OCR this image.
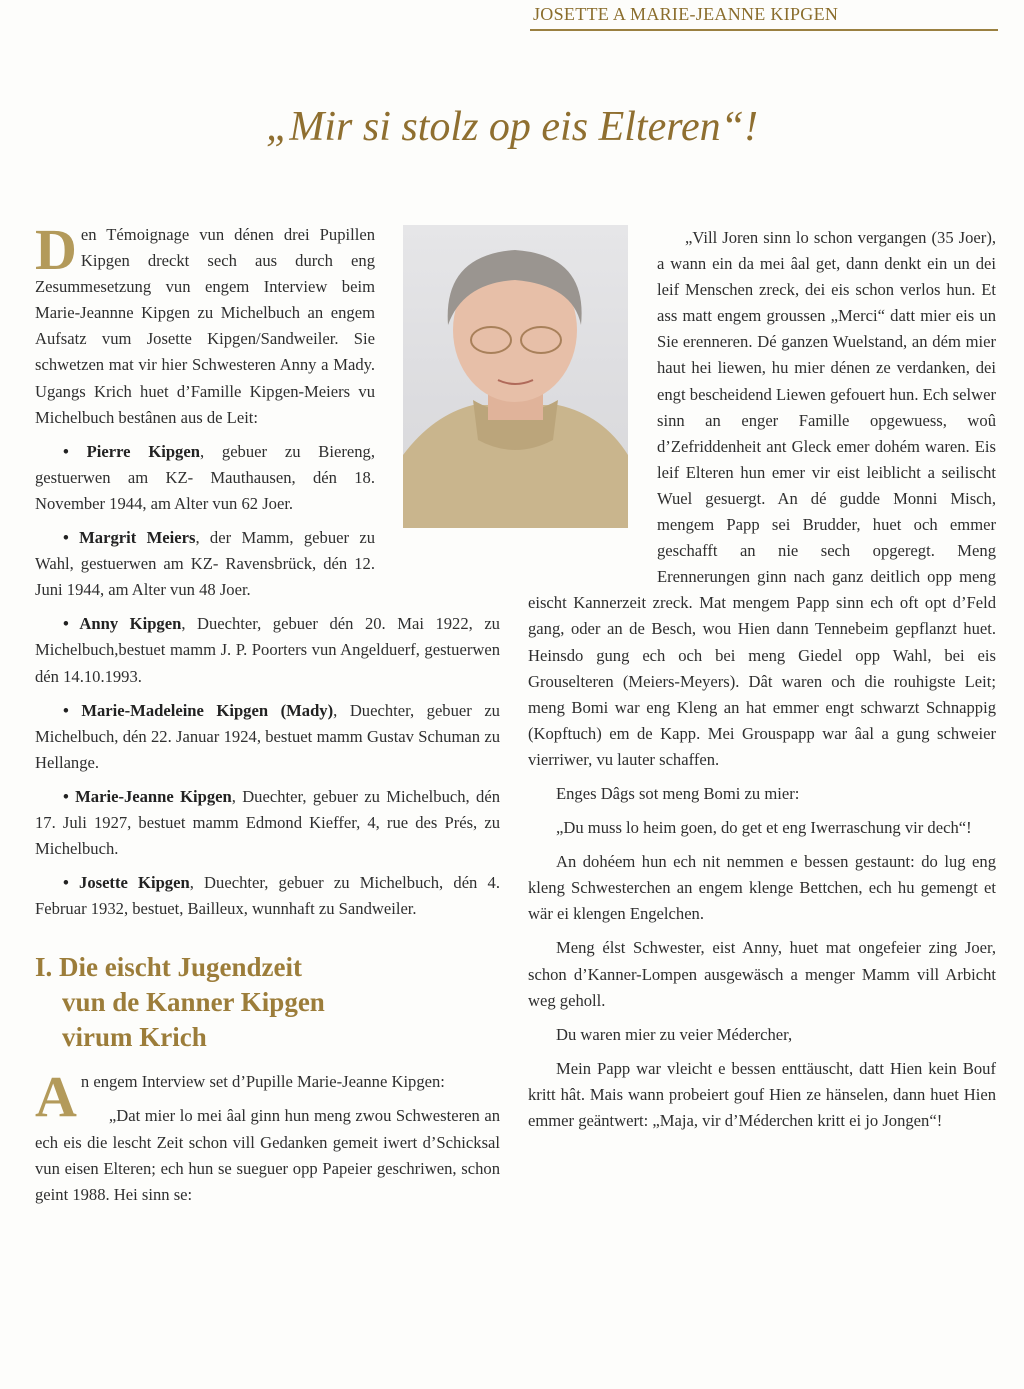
JOSETTE A MARIE-JEANNE KIPGEN
„Mir si stolz op eis Elteren“!

Den Témoignage vun dénen drei Pupillen Kipgen dreckt sech aus durch eng Zesummesetzung vun engem Interview beim Marie-Jeannne Kipgen zu Michelbuch an engem Aufsatz vum Josette Kipgen/Sandweiler. Sie schwetzen mat vir hier Schwesteren Anny a Mady. Ugangs Krich huet d’Famille Kipgen-Meiers vu Michelbuch bestânen aus de Leit:

• Pierre Kipgen, gebuer zu Biereng, gestuerwen am KZ- Mauthausen, dén 18. November 1944, am Alter vun 62 Joer.

• Margrit Meiers, der Mamm, gebuer zu Wahl, gestuerwen am KZ- Ravensbrück, dén 12. Juni 1944, am Alter vun 48 Joer.

• Anny Kipgen, Duechter, gebuer dén 20. Mai 1922, zu Michelbuch,bestuet mamm J. P. Poorters vun Angelduerf, gestuerwen dén 14.10.1993.

• Marie-Madeleine Kipgen (Mady), Duechter, gebuer zu Michelbuch, dén 22. Januar 1924, bestuet mamm Gustav Schuman zu Hellange.

• Marie-Jeanne Kipgen, Duechter, gebuer zu Michelbuch, dén 17. Juli 1927, bestuet mamm Edmond Kieffer, 4, rue des Prés, zu Michelbuch.

• Josette Kipgen, Duechter, gebuer zu Michelbuch, dén 4. Februar 1932, bestuet, Bailleux, wunnhaft zu Sandweiler.

I. Die eischt Jugendzeit
vun de Kanner Kipgen
virum Krich

An engem Interview set d’Pupille Marie-Jeanne Kipgen:

„Dat mier lo mei âal ginn hun meng zwou Schwesteren an ech eis die lescht Zeit schon vill Gedanken gemeit iwert d’Schicksal vun eisen Elteren; ech hun se sueguer opp Papeier geschriwen, schon geint 1988. Hei sinn se:

„Vill Joren sinn lo schon vergangen (35 Joer), a wann ein da mei âal get, dann denkt ein un dei leif Menschen zreck, dei eis schon verlos hun. Et ass matt engem groussen „Merci“ datt mier eis un Sie erenneren. Dé ganzen Wuelstand, an dém mier haut hei liewen, hu mier dénen ze verdanken, dei engt bescheidend Liewen gefouert hun. Ech selwer sinn an enger Famille opgewuess, woû d’Zefriddenheit ant Gleck emer dohém waren. Eis leif Elteren hun emer vir eist leiblicht a seilischt Wuel gesuergt. An dé gudde Monni Misch, mengem Papp sei Brudder, huet och emmer geschafft an nie sech opgeregt. Meng Erennerungen ginn nach ganz deitlich opp meng eischt Kannerzeit zreck. Mat mengem Papp sinn ech oft opt d’Feld gang, oder an de Besch, wou Hien dann Tennebeim gepflanzt huet. Heinsdo gung ech och bei meng Giedel opp Wahl, bei eis Grouselteren (Meiers-Meyers). Dât waren och die rouhigste Leit; meng Bomi war eng Kleng an hat emmer engt schwarzt Schnappig (Kopftuch) em de Kapp. Mei Grouspapp war âal a gung schweier vierriwer, vu lauter schaffen.

Enges Dâgs sot meng Bomi zu mier:

„Du muss lo heim goen, do get et eng Iwerraschung vir dech“!

An dohéem hun ech nit nemmen e bessen gestaunt: do lug eng kleng Schwesterchen an engem klenge Bettchen, ech hu gemengt et wär ei klengen Engelchen.

Meng élst Schwester, eist Anny, huet mat ongefeier zing Joer, schon d’Kanner-Lompen ausgewäsch a menger Mamm vill Arbicht weg geholl.

Du waren mier zu veier Médercher,

Mein Papp war vleicht e bessen enttäuscht, datt Hien kein Bouf kritt hât. Mais wann probeiert gouf Hien ze hänselen, dann huet Hien emmer geäntwert: „Maja, vir d’Méderchen kritt ei jo Jongen“!
